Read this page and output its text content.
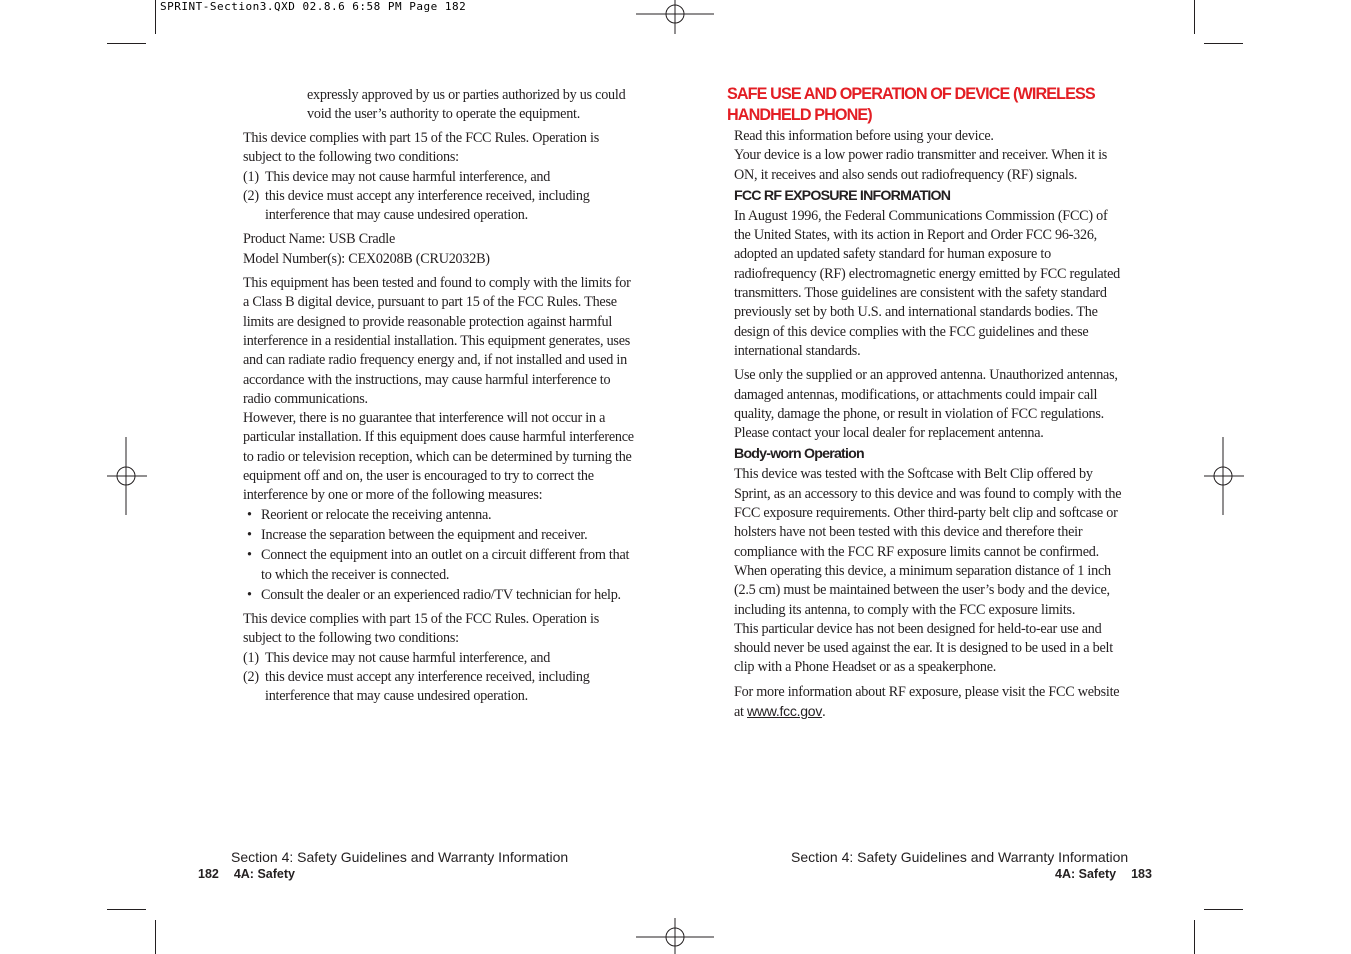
SPRINT-Section3.QXD 02.8.6 6:58 PM Page 182
expressly approved by us or parties authorized by us could void the user’s authority to operate the equipment.

This device complies with part 15 of the FCC Rules. Operation is subject to the following two conditions:

(1) This device may not cause harmful interference, and
(2) this device must accept any interference received, including interference that may cause undesired operation.

Product Name: USB Cradle

Model Number(s): CEX0208B (CRU2032B)

This equipment has been tested and found to comply with the limits for a Class B digital device, pursuant to part 15 of the FCC Rules. These limits are designed to provide reasonable protection against harmful interference in a residential installation. This equipment generates, uses and can radiate radio frequency energy and, if not installed and used in accordance with the instructions, may cause harmful interference to radio communications.

However, there is no guarantee that interference will not occur in a particular installation. If this equipment does cause harmful interference to radio or television reception, which can be determined by turning the equipment off and on, the user is encouraged to try to correct the interference by one or more of the following measures:

• Reorient or relocate the receiving antenna.
• Increase the separation between the equipment and receiver.
• Connect the equipment into an outlet on a circuit different from that to which the receiver is connected.
• Consult the dealer or an experienced radio/TV technician for help.

This device complies with part 15 of the FCC Rules. Operation is subject to the following two conditions:

(1) This device may not cause harmful interference, and
(2) this device must accept any interference received, including interference that may cause undesired operation.
Section 4: Safety Guidelines and Warranty Information
182 4A: Safety
SAFE USE AND OPERATION OF DEVICE (WIRELESS
HANDHELD PHONE)

Read this information before using your device.

Your device is a low power radio transmitter and receiver. When it is ON, it receives and also sends out radiofrequency (RF) signals.

FCC RF EXPOSURE INFORMATION

In August 1996, the Federal Communications Commission (FCC) of the United States, with its action in Report and Order FCC 96-326, adopted an updated safety standard for human exposure to radiofrequency (RF) electromagnetic energy emitted by FCC regulated transmitters. Those guidelines are consistent with the safety standard previously set by both U.S. and international standards bodies. The design of this device complies with the FCC guidelines and these international standards.

Use only the supplied or an approved antenna. Unauthorized antennas, damaged antennas, modifications, or attachments could impair call quality, damage the phone, or result in violation of FCC regulations. Please contact your local dealer for replacement antenna.

Body-worn Operation

This device was tested with the Softcase with Belt Clip offered by Sprint, as an accessory to this device and was found to comply with the FCC exposure requirements. Other third-party belt clip and softcase or holsters have not been tested with this device and therefore their compliance with the FCC RF exposure limits cannot be confirmed. When operating this device, a minimum separation distance of 1 inch (2.5 cm) must be maintained between the user’s body and the device, including its antenna, to comply with the FCC exposure limits.

This particular device has not been designed for held-to-ear use and should never be used against the ear. It is designed to be used in a belt clip with a Phone Headset or as a speakerphone.

For more information about RF exposure, please visit the FCC website at www.fcc.gov.

Section 4: Safety Guidelines and Warranty Information
4A: Safety 183
